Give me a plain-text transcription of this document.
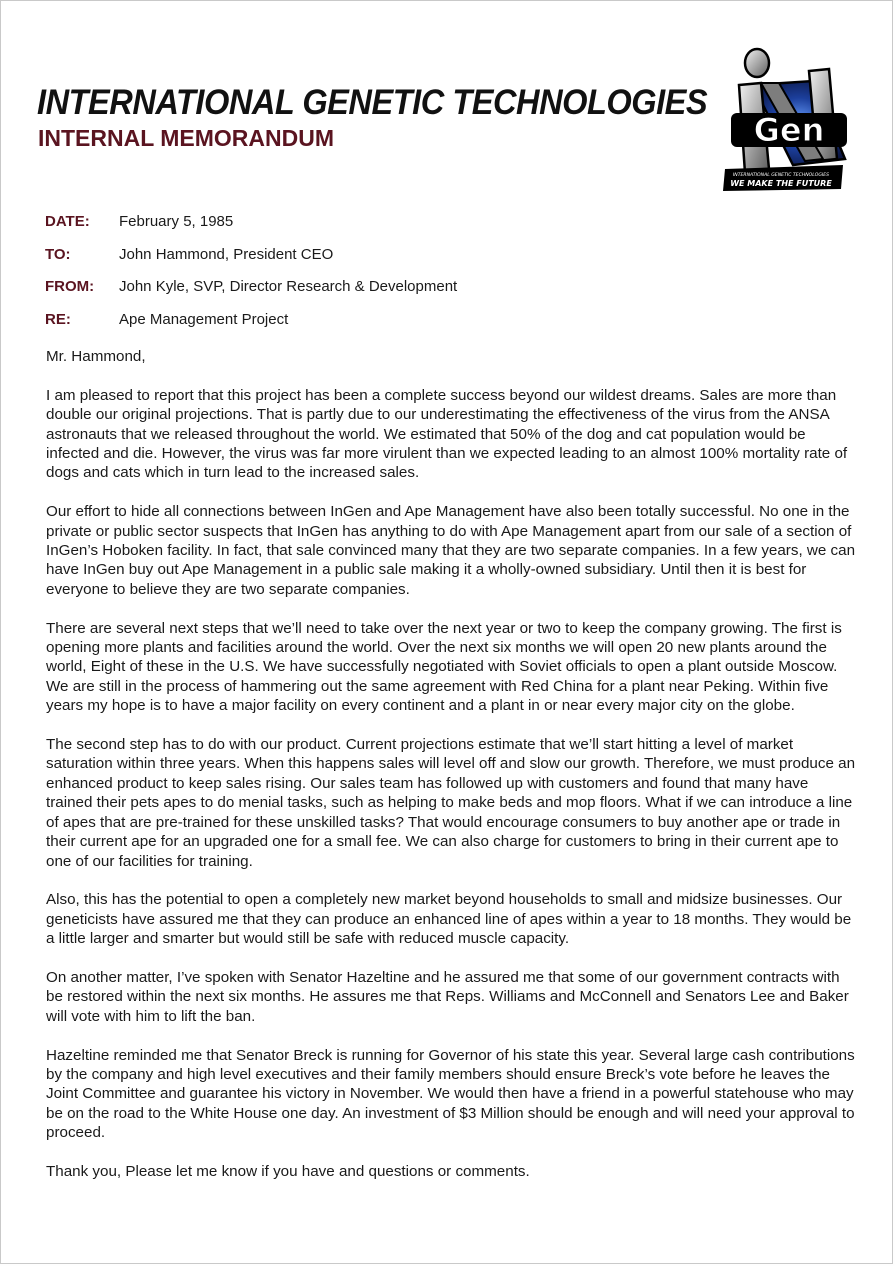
INTERNATIONAL GENETIC TECHNOLOGIES
INTERNAL MEMORANDUM	Gen
INTERNATIONAL GENETIC TECHNOLOGIES
WE MAKE THE FUTURE
DATE:	February 5, 1985
TO:	John Hammond, President CEO
FROM:	John Kyle, SVP, Director Research & Development
RE:	Ape Management Project

Mr. Hammond,

I am pleased to report that this project has been a complete success beyond our wildest dreams. Sales are more than double our original projections. That is partly due to our underestimating the effectiveness of the virus from the ANSA astronauts that we released throughout the world. We estimated that 50% of the dog and cat population would be infected and die. However, the virus was far more virulent than we expected leading to an almost 100% mortality rate of dogs and cats which in turn lead to the increased sales.

Our effort to hide all connections between InGen and Ape Management have also been totally successful. No one in the private or public sector suspects that InGen has anything to do with Ape Management apart from our sale of a section of InGen’s Hoboken facility. In fact, that sale convinced many that they are two separate companies. In a few years, we can have InGen buy out Ape Management in a public sale making it a wholly-owned subsidiary. Until then it is best for everyone to believe they are two separate companies.

There are several next steps that we’ll need to take over the next year or two to keep the company growing. The first is opening more plants and facilities around the world. Over the next six months we will open 20 new plants around the world, Eight of these in the U.S. We have successfully negotiated with Soviet officials to open a plant outside Moscow. We are still in the process of hammering out the same agreement with Red China for a plant near Peking. Within five years my hope is to have a major facility on every continent and a plant in or near every major city on the globe.

The second step has to do with our product. Current projections estimate that we’ll start hitting a level of market saturation within three years. When this happens sales will level off and slow our growth. Therefore, we must produce an enhanced product to keep sales rising. Our sales team has followed up with customers and found that many have trained their pets apes to do menial tasks, such as helping to make beds and mop floors. What if we can introduce a line of apes that are pre-trained for these unskilled tasks? That would encourage consumers to buy another ape or trade in their current ape for an upgraded one for a small fee. We can also charge for customers to bring in their current ape to one of our facilities for training.

Also, this has the potential to open a completely new market beyond households to small and midsize businesses. Our geneticists have assured me that they can produce an enhanced line of apes within a year to 18 months. They would be a little larger and smarter but would still be safe with reduced muscle capacity.

On another matter, I’ve spoken with Senator Hazeltine and he assured me that some of our government contracts with be restored within the next six months. He assures me that Reps. Williams and McConnell and Senators Lee and Baker will vote with him to lift the ban.

Hazeltine reminded me that Senator Breck is running for Governor of his state this year. Several large cash contributions by the company and high level executives and their family members should ensure Breck’s vote before he leaves the Joint Committee and guarantee his victory in November. We would then have a friend in a powerful statehouse who may be on the road to the White House one day. An investment of $3 Million should be enough and will need your approval to proceed.

Thank you, Please let me know if you have and questions or comments.
